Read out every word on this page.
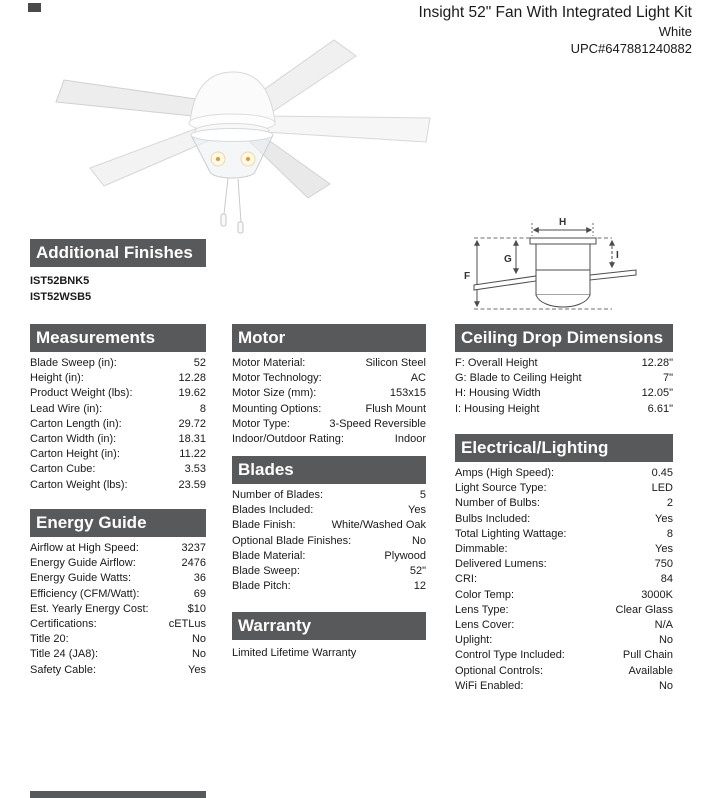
Insight 52" Fan With Integrated Light Kit
White
UPC#647881240882
F
G
H
I
Additional Finishes
IST52BNK5
IST52WSB5
Measurements
Blade Sweep (in):	52
Height (in):	12.28
Product Weight (lbs):	19.62
Lead Wire (in):	8
Carton Length (in):	29.72
Carton Width (in):	18.31
Carton Height (in):	11.22
Carton Cube:	3.53
Carton Weight (lbs):	23.59
Energy Guide
Airflow at High Speed:	3237
Energy Guide Airflow:	2476
Energy Guide Watts:	36
Efficiency (CFM/Watt):	69
Est. Yearly Energy Cost:	$10
Certifications:	cETLus
Title 20:	No
Title 24 (JA8):	No
Safety Cable:	Yes
Motor
Motor Material:	Silicon Steel
Motor Technology:	AC
Motor Size (mm):	153x15
Mounting Options:	Flush Mount
Motor Type:	3-Speed Reversible
Indoor/Outdoor Rating:	Indoor
Blades
Number of Blades:	5
Blades Included:	Yes
Blade Finish:	White/Washed Oak
Optional Blade Finishes:	No
Blade Material:	Plywood
Blade Sweep:	52"
Blade Pitch:	12
Warranty
Limited Lifetime Warranty
Ceiling Drop Dimensions
F: Overall Height	12.28"
G: Blade to Ceiling Height	7"
H: Housing Width	12.05"
I: Housing Height	6.61"
Electrical/Lighting
Amps (High Speed):	0.45
Light Source Type:	LED
Number of Bulbs:	2
Bulbs Included:	Yes
Total Lighting Wattage:	8
Dimmable:	Yes
Delivered Lumens:	750
CRI:	84
Color Temp:	3000K
Lens Type:	Clear Glass
Lens Cover:	N/A
Uplight:	No
Control Type Included:	Pull Chain
Optional Controls:	Available
WiFi Enabled:	No
